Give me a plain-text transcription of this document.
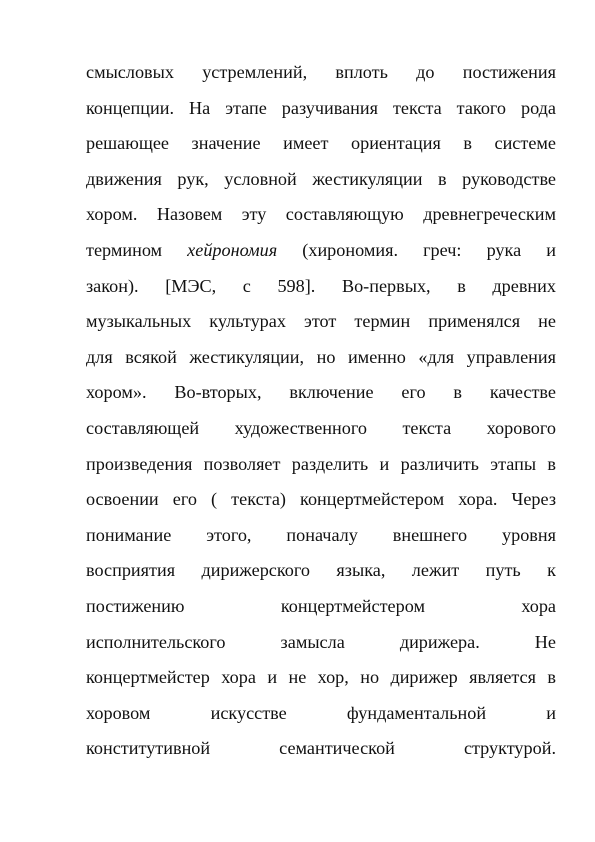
смысловых устремлений, вплоть до постижения
концепции. На этапе разучивания текста такого рода
решающее значение имеет ориентация в системе
движения рук, условной жестикуляции в руководстве
хором. Назовем эту составляющую древнегреческим
термином хейрономия (хирономия. греч: рука и
закон). [МЭС, с 598]. Во-первых, в древних
музыкальных культурах этот термин применялся не
для всякой жестикуляции, но именно «для управления
хором». Во-вторых, включение его в качестве
составляющей художественного текста хорового
произведения позволяет разделить и различить этапы в
освоении его ( текста) концертмейстером хора. Через
понимание этого, поначалу внешнего уровня
восприятия дирижерского языка, лежит путь к
постижению концертмейстером хора
исполнительского замысла дирижера. Не
концертмейстер хора и не хор, но дирижер является в
хоровом искусстве фундаментальной и
конститутивной семантической структурой.
